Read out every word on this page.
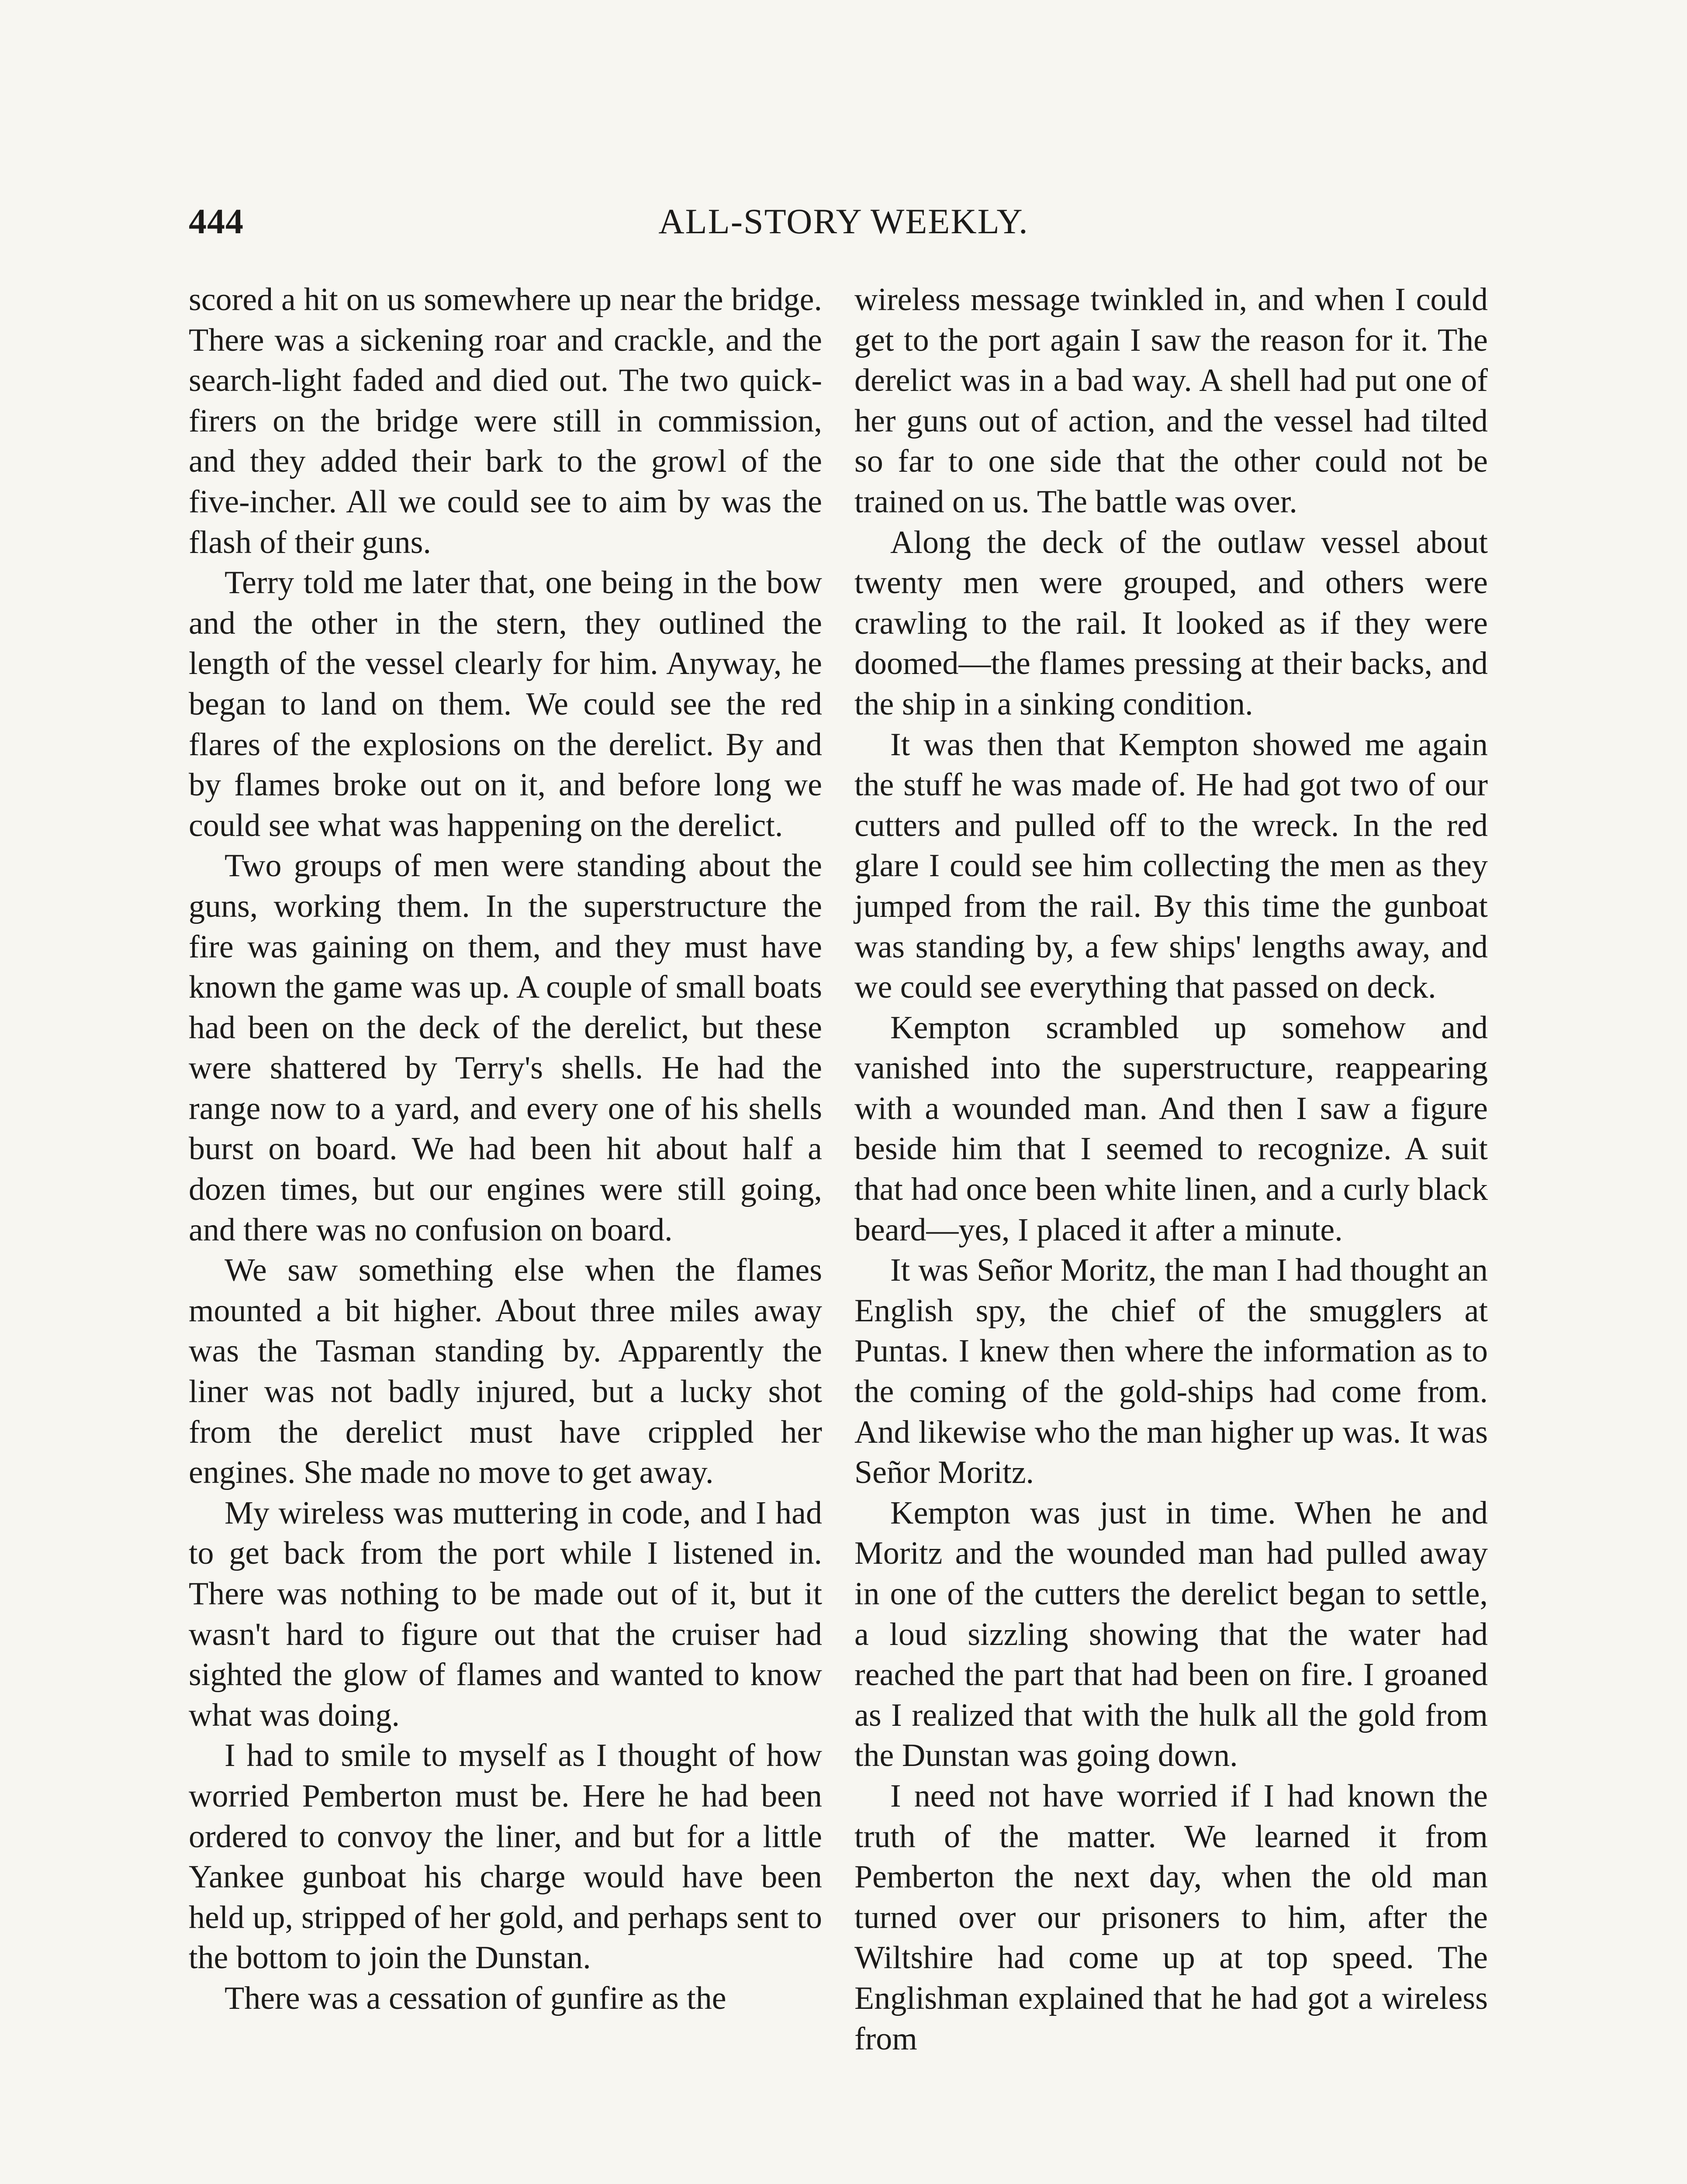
444	ALL-STORY WEEKLY.

scored a hit on us somewhere up near the bridge. There was a sickening roar and crackle, and the search-light faded and died out. The two quick-firers on the bridge were still in commission, and they added their bark to the growl of the five-incher. All we could see to aim by was the flash of their guns.

Terry told me later that, one being in the bow and the other in the stern, they outlined the length of the vessel clearly for him. Anyway, he began to land on them. We could see the red flares of the explosions on the derelict. By and by flames broke out on it, and before long we could see what was happening on the derelict.

Two groups of men were standing about the guns, working them. In the superstructure the fire was gaining on them, and they must have known the game was up. A couple of small boats had been on the deck of the derelict, but these were shattered by Terry's shells. He had the range now to a yard, and every one of his shells burst on board. We had been hit about half a dozen times, but our engines were still going, and there was no confusion on board.

We saw something else when the flames mounted a bit higher. About three miles away was the Tasman standing by. Apparently the liner was not badly injured, but a lucky shot from the derelict must have crippled her engines. She made no move to get away.

My wireless was muttering in code, and I had to get back from the port while I listened in. There was nothing to be made out of it, but it wasn't hard to figure out that the cruiser had sighted the glow of flames and wanted to know what was doing.

I had to smile to myself as I thought of how worried Pemberton must be. Here he had been ordered to convoy the liner, and but for a little Yankee gunboat his charge would have been held up, stripped of her gold, and perhaps sent to the bottom to join the Dunstan.

There was a cessation of gunfire as the

wireless message twinkled in, and when I could get to the port again I saw the reason for it. The derelict was in a bad way. A shell had put one of her guns out of action, and the vessel had tilted so far to one side that the other could not be trained on us. The battle was over.

Along the deck of the outlaw vessel about twenty men were grouped, and others were crawling to the rail. It looked as if they were doomed—the flames pressing at their backs, and the ship in a sinking condition.

It was then that Kempton showed me again the stuff he was made of. He had got two of our cutters and pulled off to the wreck. In the red glare I could see him collecting the men as they jumped from the rail. By this time the gunboat was standing by, a few ships' lengths away, and we could see everything that passed on deck.

Kempton scrambled up somehow and vanished into the superstructure, reappearing with a wounded man. And then I saw a figure beside him that I seemed to recognize. A suit that had once been white linen, and a curly black beard—yes, I placed it after a minute.

It was Señor Moritz, the man I had thought an English spy, the chief of the smugglers at Puntas. I knew then where the information as to the coming of the gold-ships had come from. And likewise who the man higher up was. It was Señor Moritz.

Kempton was just in time. When he and Moritz and the wounded man had pulled away in one of the cutters the derelict began to settle, a loud sizzling showing that the water had reached the part that had been on fire. I groaned as I realized that with the hulk all the gold from the Dunstan was going down.

I need not have worried if I had known the truth of the matter. We learned it from Pemberton the next day, when the old man turned over our prisoners to him, after the Wiltshire had come up at top speed. The Englishman explained that he had got a wireless from
